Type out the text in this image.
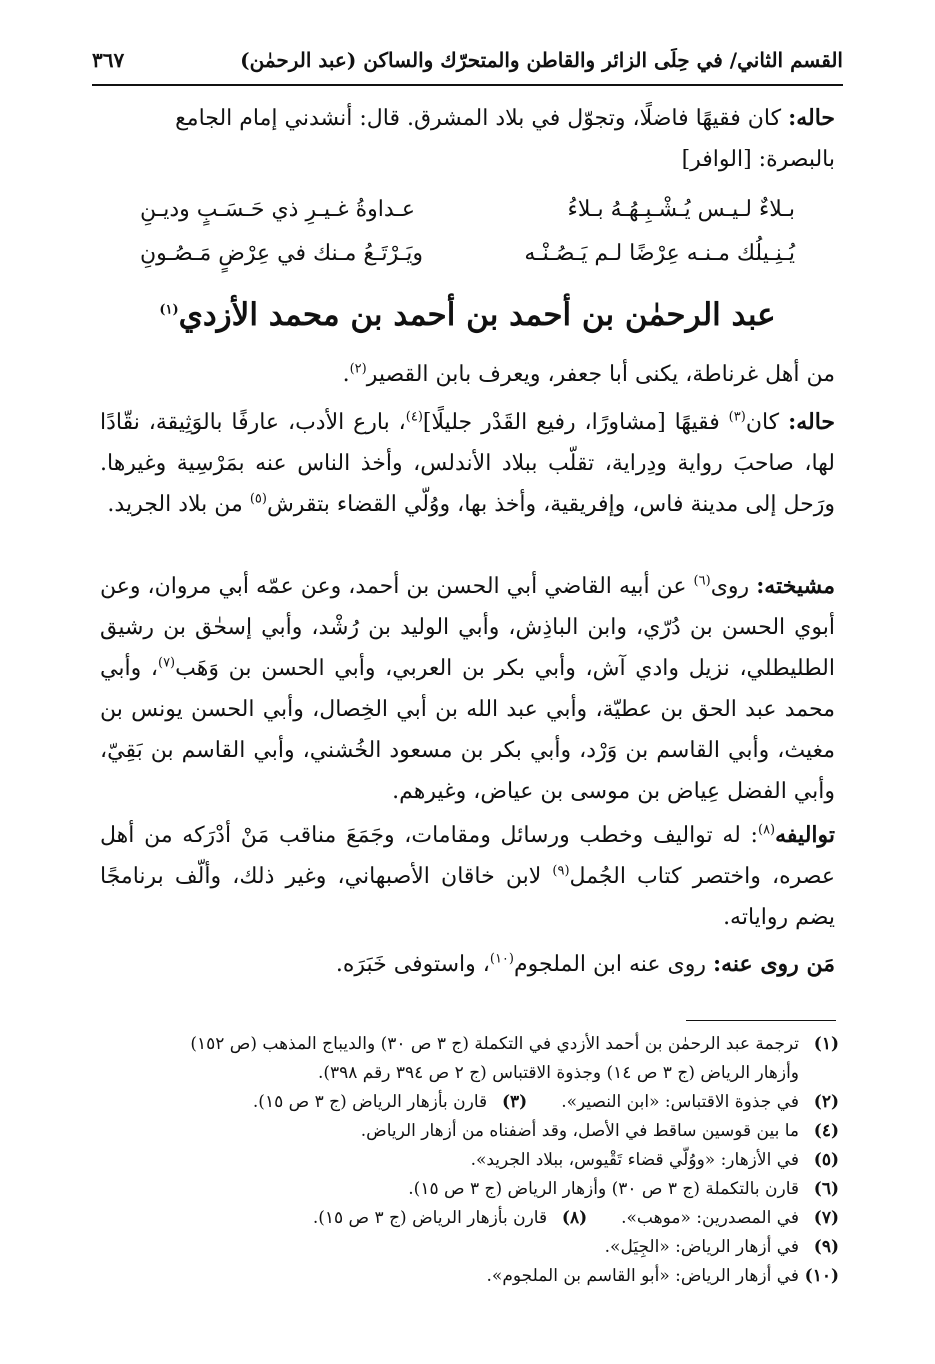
القسم الثاني/ في حِلَى الزائر والقاطن والمتحرّك والساكن (عبد الرحمٰن)
٣٦٧
حاله: كان فقيهًا فاضلًا، وتجوّل في بلاد المشرق. قال: أنشدني إمام الجامع
بالبصرة: [الوافر]
بـلاءٌ لـيـس يُـشْـبِـهُـهُ بـلاءُ
عـداوةُ غـيـرِ ذي حَـسَـبٍ وديـنِ
يُـنِـيلُك مـنـه عِرْضًا لـم يَـصُـنْـه
ويَـرْتَـعُ مـنك في عِرْضٍ مَـصُـونِ
عبد الرحمٰن بن أحمد بن أحمد بن محمد الأزدي$^{(١)}$
من أهل غرناطة، يكنى أبا جعفر، ويعرف بابن القصير$^{(٢)}$.
حاله: كان$^{(٣)}$ فقيهًا [مشاورًا، رفيع القَدْر جليلًا]$^{(٤)}$، بارع الأدب، عارفًا بالوَثِيقة، نقّادًا لها، صاحبَ رواية ودِراية، تقلّب ببلاد الأندلس، وأخذ الناس عنه بمَرْسِية وغيرها. ورَحل إلى مدينة فاس، وإفريقية، وأخذ بها، ووُلّي القضاء بتقرش$^{(٥)}$ من بلاد الجريد.
مشيخته: روى$^{(٦)}$ عن أبيه القاضي أبي الحسن بن أحمد، وعن عمّه أبي مروان، وعن أبوي الحسن بن دُرّي، وابن الباذِش، وأبي الوليد بن رُشْد، وأبي إسحٰق بن رشيق الطليطلي، نزيل وادي آش، وأبي بكر بن العربي، وأبي الحسن بن وَهَب$^{(٧)}$، وأبي محمد عبد الحق بن عطيّة، وأبي عبد الله بن أبي الخِصال، وأبي الحسن يونس بن مغيث، وأبي القاسم بن وَرْد، وأبي بكر بن مسعود الخُشني، وأبي القاسم بن بَقِيّ، وأبي الفضل عِياض بن موسى بن عياض، وغيرهم.
تواليفه$^{(٨)}$: له تواليف وخطب ورسائل ومقامات، وجَمَعَ مناقب مَنْ أدْرَكه من أهل عصره، واختصر كتاب الجُمل$^{(٩)}$ لابن خاقان الأصبهاني، وغير ذلك، وألّف برنامجًا يضم رواياته.
مَن روى عنه: روى عنه ابن الملجوم$^{(١٠)}$، واستوفى خَبَرَه.
(١)
ترجمة عبد الرحمٰن بن أحمد الأزدي في التكملة (ج ٣ ص ٣٠) والديباج المذهب (ص ١٥٢)
وأزهار الرياض (ج ٣ ص ١٤) وجذوة الاقتباس (ج ٢ ص ٣٩٤ رقم ٣٩٨).
(٢)
في جذوة الاقتباس: «ابن النصير».
(٣)
قارن بأزهار الرياض (ج ٣ ص ١٥).
(٤)
ما بين قوسين ساقط في الأصل، وقد أضفناه من أزهار الرياض.
(٥)
في الأزهار: «ووُلّي قضاء تَقْيوس، ببلاد الجريد».
(٦)
قارن بالتكملة (ج ٣ ص ٣٠) وأزهار الرياض (ج ٣ ص ١٥).
(٧)
في المصدرين: «موهب».
(٨)
قارن بأزهار الرياض (ج ٣ ص ١٥).
(٩)
في أزهار الرياض: «الجِيَل».
(١٠)
في أزهار الرياض: «أبو القاسم بن الملجوم».
